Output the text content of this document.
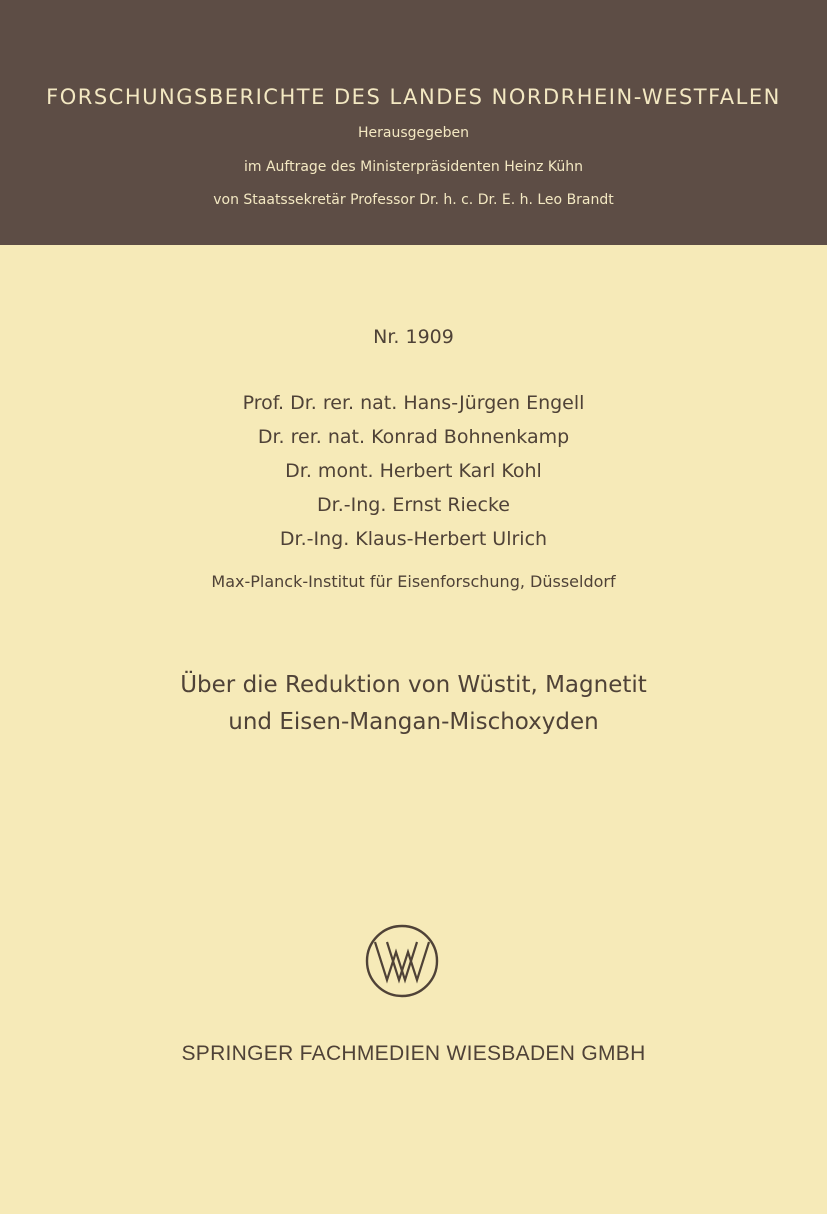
FORSCHUNGSBERICHTE DES LANDES NORDRHEIN-WESTFALEN
Herausgegeben
im Auftrage des Ministerpräsidenten Heinz Kühn
von Staatssekretär Professor Dr. h. c. Dr. E. h. Leo Brandt
Nr. 1909
Prof. Dr. rer. nat. Hans-Jürgen Engell
Dr. rer. nat. Konrad Bohnenkamp
Dr. mont. Herbert Karl Kohl
Dr.-Ing. Ernst Riecke
Dr.-Ing. Klaus-Herbert Ulrich
Max-Planck-Institut für Eisenforschung, Düsseldorf
Über die Reduktion von Wüstit, Magnetit
und Eisen-Mangan-Mischoxyden
SPRINGER FACHMEDIEN WIESBADEN GMBH
